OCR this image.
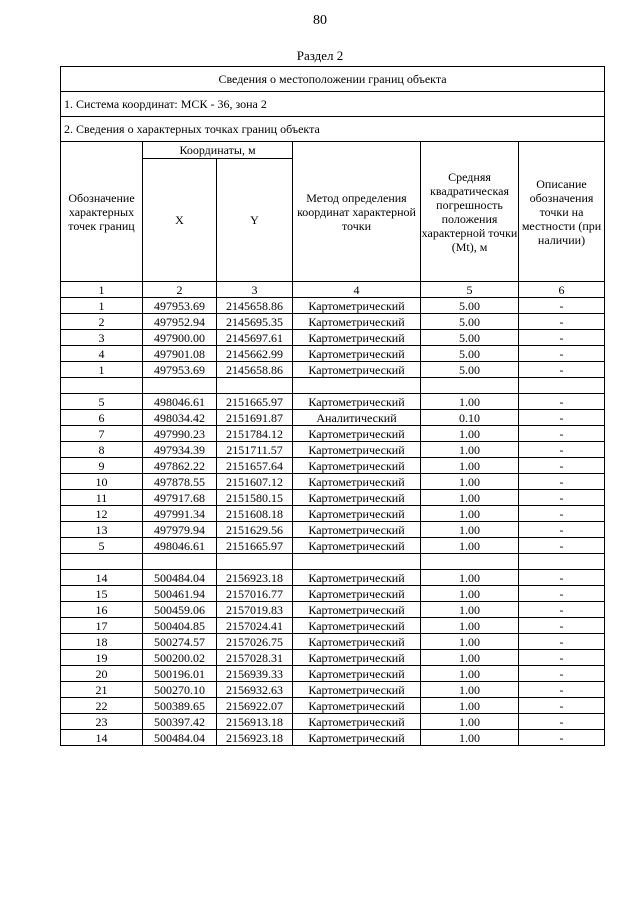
80
Раздел 2
Сведения о местоположении границ объекта					
1. Система координат: МСК - 36, зона 2					
2. Сведения о характерных точках границ объекта					
Обозначение характерных точек границ	Координаты, м		Метод определения координат характерной точки	Средняя квадратическая погрешность положения характерной точки (Mt), м	Описание обозначения точки на местности (при наличии)
	X	Y			
1	2	3	4	5	6
1	497953.69	2145658.86	Картометрический	5.00	-
2	497952.94	2145695.35	Картометрический	5.00	-
3	497900.00	2145697.61	Картометрический	5.00	-
4	497901.08	2145662.99	Картометрический	5.00	-
1	497953.69	2145658.86	Картометрический	5.00	-

5	498046.61	2151665.97	Картометрический	1.00	-
6	498034.42	2151691.87	Аналитический	0.10	-
7	497990.23	2151784.12	Картометрический	1.00	-
8	497934.39	2151711.57	Картометрический	1.00	-
9	497862.22	2151657.64	Картометрический	1.00	-
10	497878.55	2151607.12	Картометрический	1.00	-
11	497917.68	2151580.15	Картометрический	1.00	-
12	497991.34	2151608.18	Картометрический	1.00	-
13	497979.94	2151629.56	Картометрический	1.00	-
5	498046.61	2151665.97	Картометрический	1.00	-

14	500484.04	2156923.18	Картометрический	1.00	-
15	500461.94	2157016.77	Картометрический	1.00	-
16	500459.06	2157019.83	Картометрический	1.00	-
17	500404.85	2157024.41	Картометрический	1.00	-
18	500274.57	2157026.75	Картометрический	1.00	-
19	500200.02	2157028.31	Картометрический	1.00	-
20	500196.01	2156939.33	Картометрический	1.00	-
21	500270.10	2156932.63	Картометрический	1.00	-
22	500389.65	2156922.07	Картометрический	1.00	-
23	500397.42	2156913.18	Картометрический	1.00	-
14	500484.04	2156923.18	Картометрический	1.00	-
